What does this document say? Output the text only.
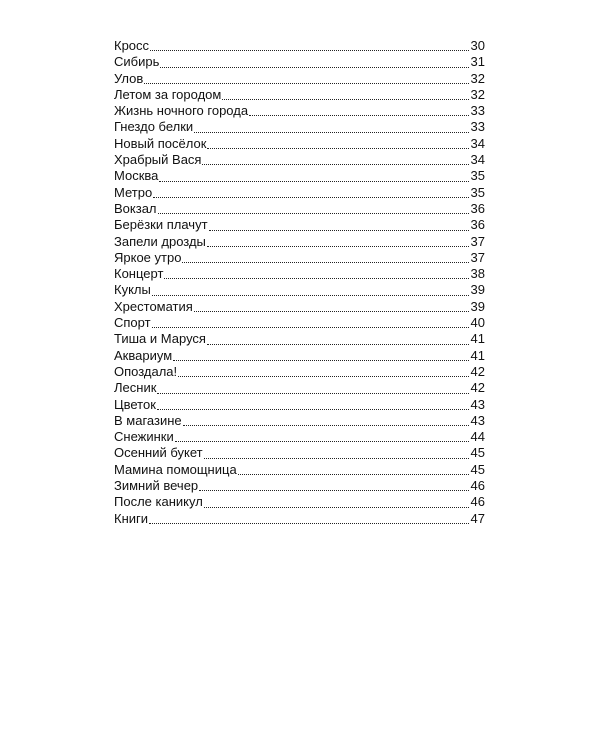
Кросс	30
Сибирь	31
Улов	32
Летом за городом	32
Жизнь ночного города	33
Гнездо белки	33
Новый посёлок	34
Храбрый Вася	34
Москва	35
Метро	35
Вокзал	36
Берёзки плачут	36
Запели дрозды	37
Яркое утро	37
Концерт	38
Куклы	39
Хрестоматия	39
Спорт	40
Тиша и Маруся	41
Аквариум	41
Опоздала!	42
Лесник	42
Цветок	43
В магазине	43
Снежинки	44
Осенний букет	45
Мамина помощница	45
Зимний вечер	46
После каникул	46
Книги	47
